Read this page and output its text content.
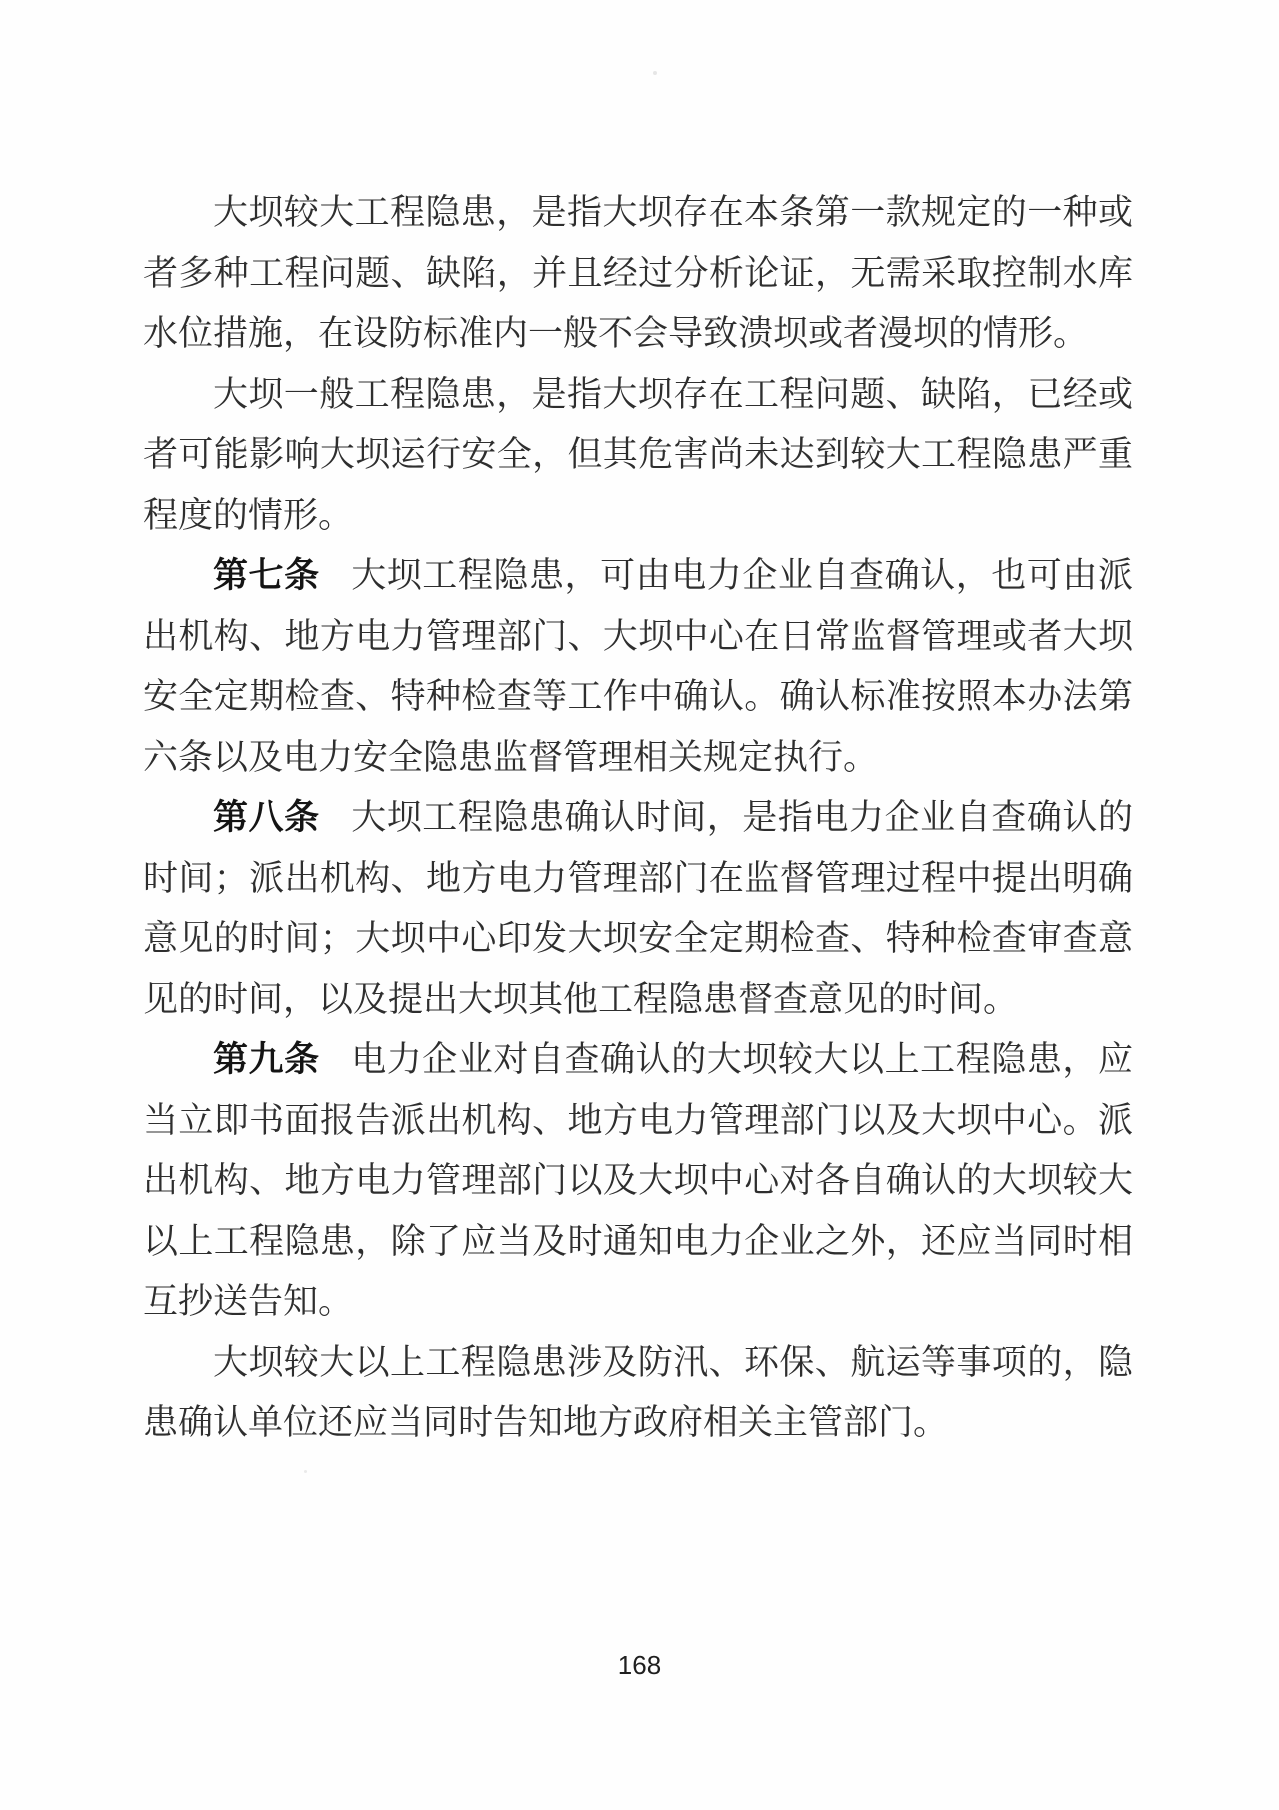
大坝较大工程隐患，是指大坝存在本条第一款规定的一种或者多种工程问题、缺陷，并且经过分析论证，无需采取控制水库水位措施，在设防标准内一般不会导致溃坝或者漫坝的情形。

大坝一般工程隐患，是指大坝存在工程问题、缺陷，已经或者可能影响大坝运行安全，但其危害尚未达到较大工程隐患严重程度的情形。

第七条 大坝工程隐患，可由电力企业自查确认，也可由派出机构、地方电力管理部门、大坝中心在日常监督管理或者大坝安全定期检查、特种检查等工作中确认。确认标准按照本办法第六条以及电力安全隐患监督管理相关规定执行。

第八条 大坝工程隐患确认时间，是指电力企业自查确认的时间；派出机构、地方电力管理部门在监督管理过程中提出明确意见的时间；大坝中心印发大坝安全定期检查、特种检查审查意见的时间，以及提出大坝其他工程隐患督查意见的时间。

第九条 电力企业对自查确认的大坝较大以上工程隐患，应当立即书面报告派出机构、地方电力管理部门以及大坝中心。派出机构、地方电力管理部门以及大坝中心对各自确认的大坝较大以上工程隐患，除了应当及时通知电力企业之外，还应当同时相互抄送告知。

大坝较大以上工程隐患涉及防汛、环保、航运等事项的，隐患确认单位还应当同时告知地方政府相关主管部门。

168
